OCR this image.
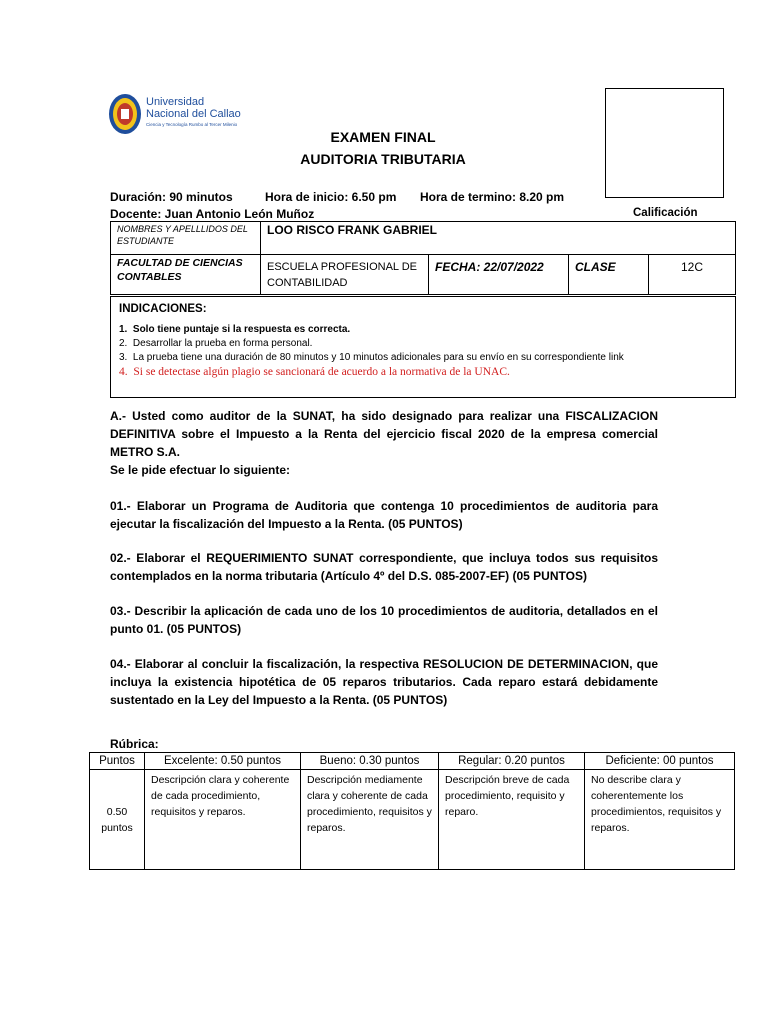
Universidad
Nacional del Callao
Ciencia y Tecnología Rumbo al Tercer Milenio
EXAMEN FINAL
AUDITORIA TRIBUTARIA
Duración: 90 minutos	Hora de inicio: 6.50 pm Hora de termino: 8.20 pm
Docente: Juan Antonio León Muñoz	Calificación
NOMBRES Y APELLLIDOS DEL ESTUDIANTE	LOO RISCO FRANK GABRIEL			
FACULTAD DE CIENCIAS CONTABLES	ESCUELA PROFESIONAL DE CONTABILIDAD	FECHA: 22/07/2022	CLASE	12C
INDICACIONES:
1. Solo tiene puntaje si la respuesta es correcta.
2. Desarrollar la prueba en forma personal.
3. La prueba tiene una duración de 80 minutos y 10 minutos adicionales para su envío en su correspondiente link
4. Si se detectase algún plagio se sancionará de acuerdo a la normativa de la UNAC.
A.- Usted como auditor de la SUNAT, ha sido designado para realizar una FISCALIZACION DEFINITIVA sobre el Impuesto a la Renta del ejercicio fiscal 2020 de la empresa comercial METRO S.A.
Se le pide efectuar lo siguiente:
01.- Elaborar un Programa de Auditoria que contenga 10 procedimientos de auditoria para ejecutar la fiscalización del Impuesto a la Renta. (05 PUNTOS)
02.- Elaborar el REQUERIMIENTO SUNAT correspondiente, que incluya todos sus requisitos contemplados en la norma tributaria (Artículo 4º del D.S. 085-2007-EF) (05 PUNTOS)
03.- Describir la aplicación de cada uno de los 10 procedimientos de auditoria, detallados en el punto 01. (05 PUNTOS)
04.- Elaborar al concluir la fiscalización, la respectiva RESOLUCION DE DETERMINACION, que incluya la existencia hipotética de 05 reparos tributarios. Cada reparo estará debidamente sustentado en la Ley del Impuesto a la Renta. (05 PUNTOS)
Rúbrica:
Puntos	Excelente: 0.50 puntos	Bueno: 0.30 puntos	Regular: 0.20 puntos	Deficiente: 00 puntos
0.50 puntos	Descripción clara y coherente de cada procedimiento, requisitos y reparos.	Descripción mediamente clara y coherente de cada procedimiento, requisitos y reparos.	Descripción breve de cada procedimiento, requisito y reparo.	No describe clara y coherentemente los procedimientos, requisitos y reparos.
